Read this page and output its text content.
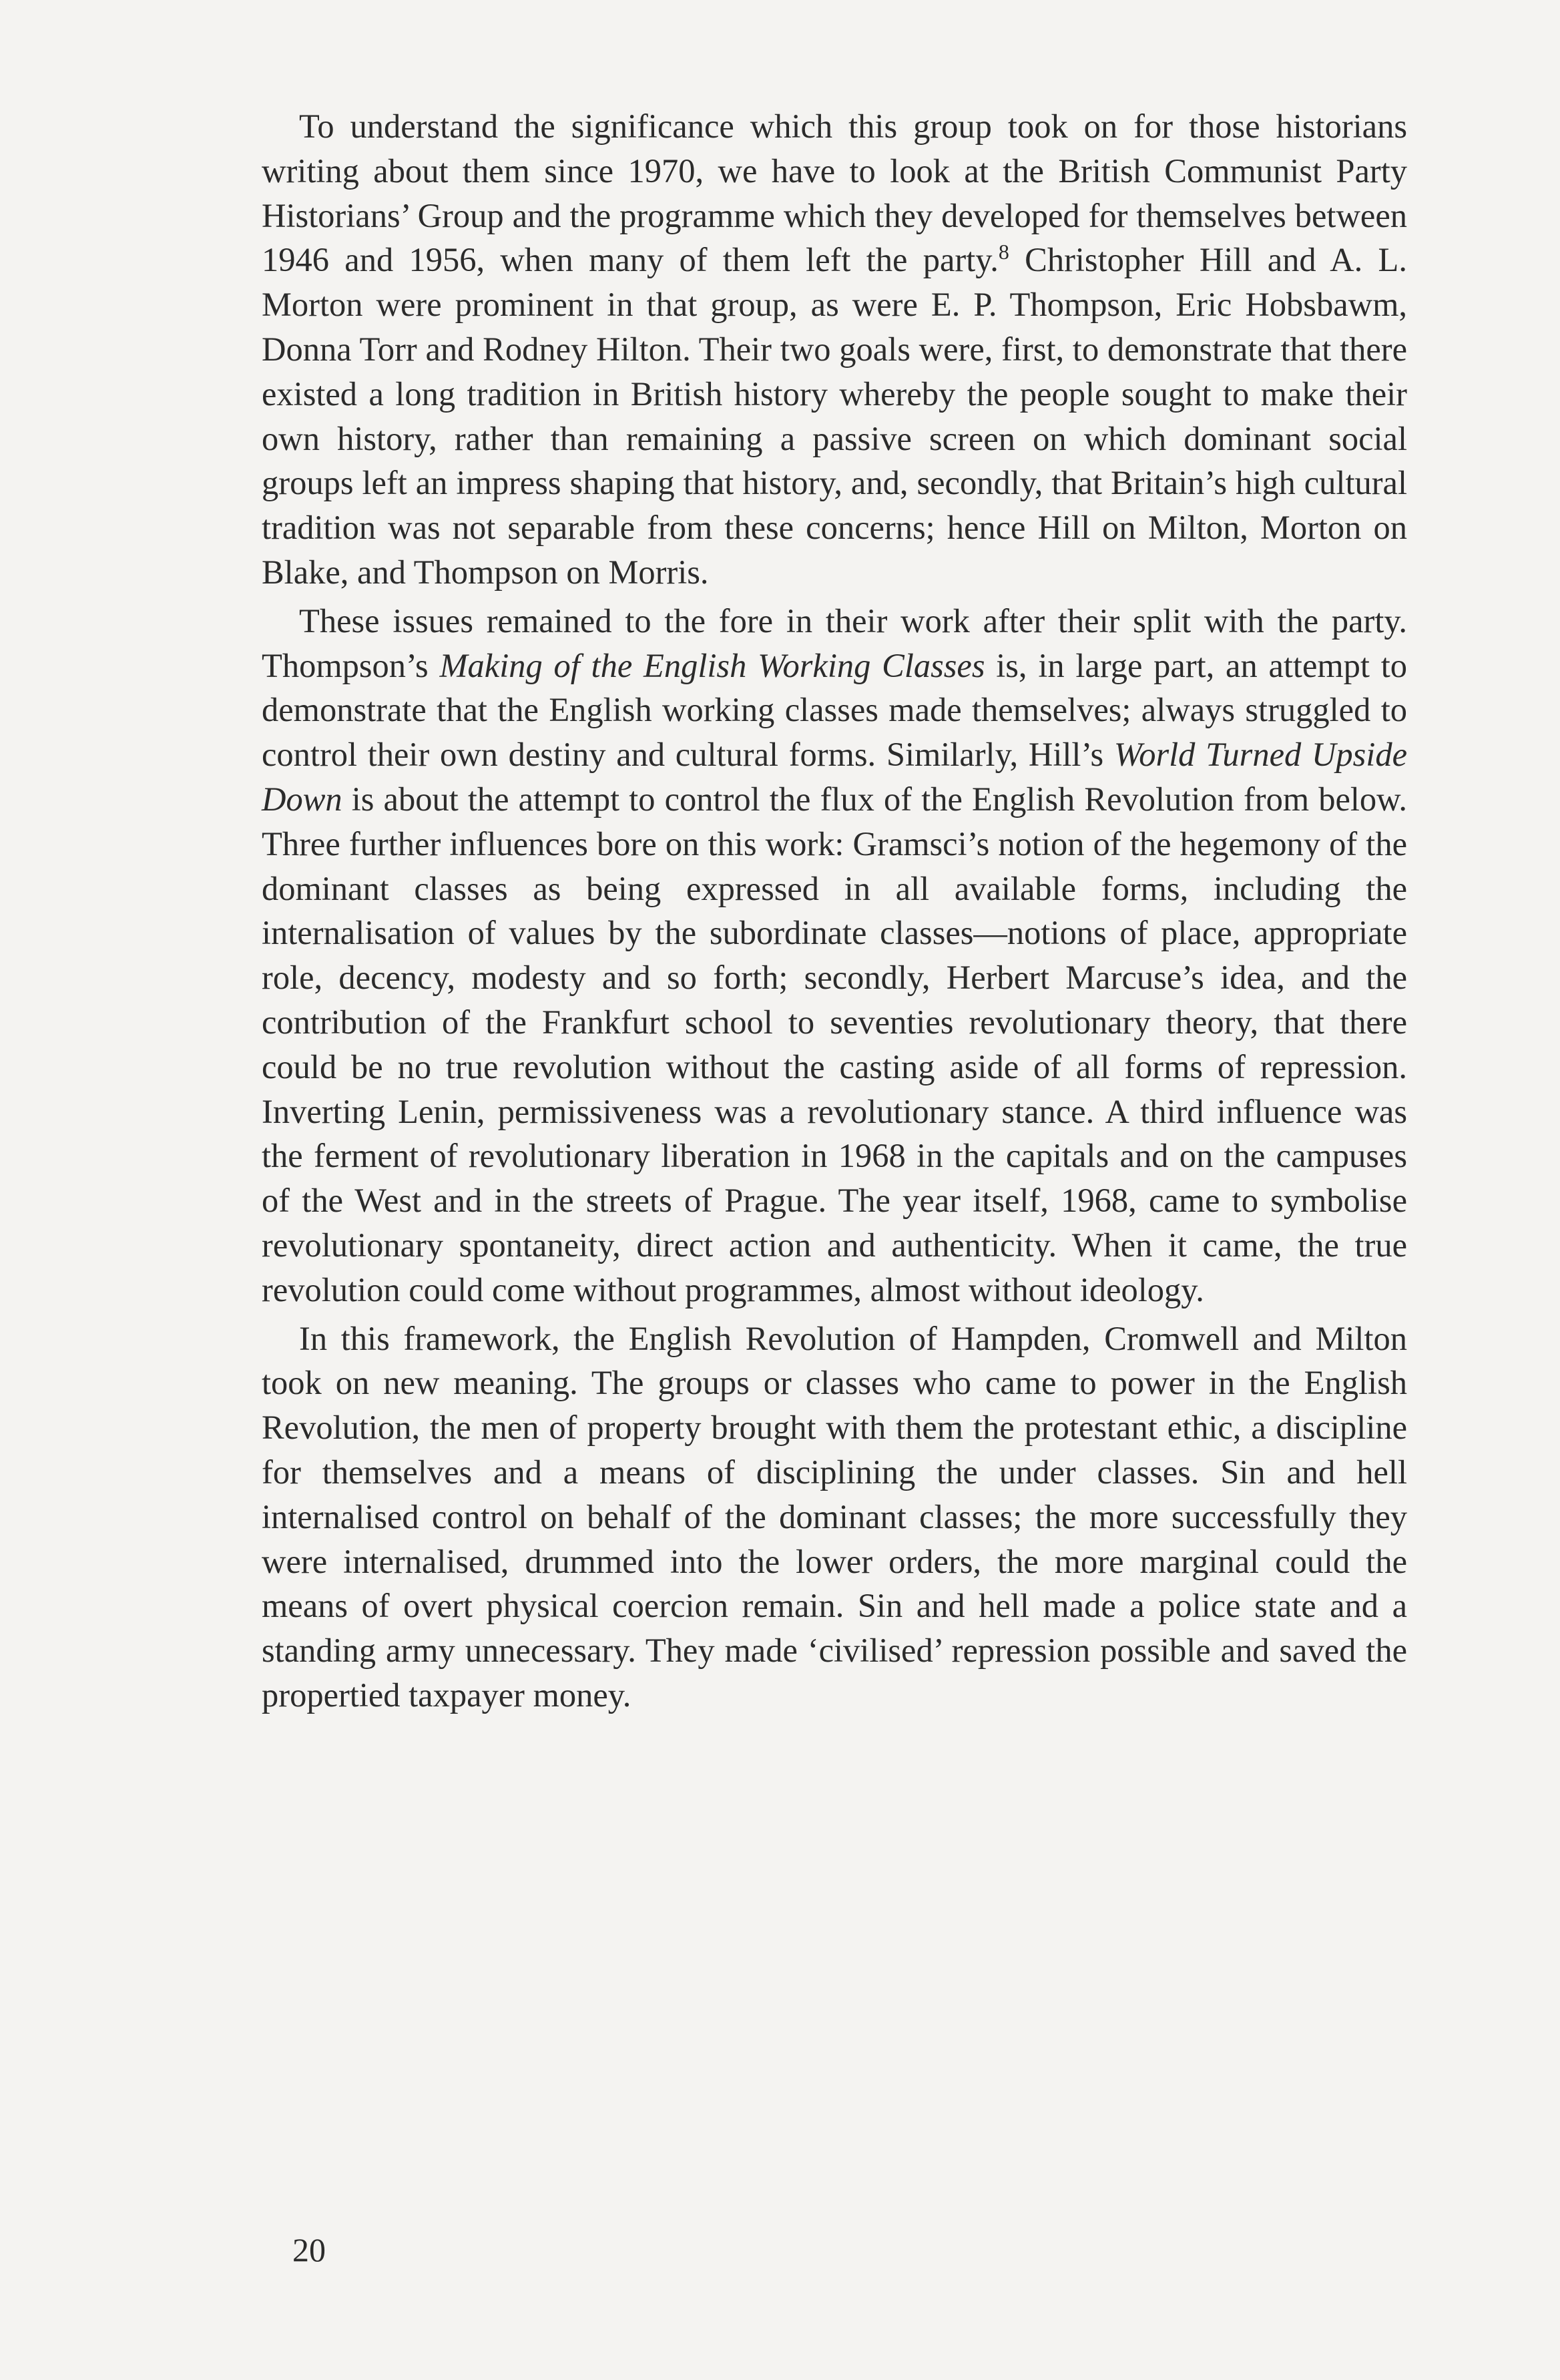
To understand the significance which this group took on for those historians writing about them since 1970, we have to look at the British Communist Party Historians’ Group and the programme which they developed for themselves between 1946 and 1956, when many of them left the party.$^8$ Christopher Hill and A. L. Morton were prominent in that group, as were E. P. Thompson, Eric Hobsbawm, Donna Torr and Rodney Hilton. Their two goals were, first, to demonstrate that there existed a long tradition in British history whereby the people sought to make their own history, rather than remaining a passive screen on which dominant social groups left an impress shaping that history, and, secondly, that Britain’s high cultural tradition was not separable from these concerns; hence Hill on Milton, Morton on Blake, and Thompson on Morris.

These issues remained to the fore in their work after their split with the party. Thompson’s Making of the English Working Classes is, in large part, an attempt to demonstrate that the English working classes made themselves; always struggled to control their own destiny and cultural forms. Similarly, Hill’s World Turned Upside Down is about the attempt to control the flux of the English Revolution from below. Three further influences bore on this work: Gramsci’s notion of the hegemony of the dominant classes as being expressed in all available forms, including the internalisation of values by the subordinate classes—notions of place, appropriate role, decency, modesty and so forth; secondly, Herbert Marcuse’s idea, and the contribution of the Frankfurt school to seventies revolutionary theory, that there could be no true revolution without the casting aside of all forms of repression. Inverting Lenin, permissiveness was a revolutionary stance. A third influence was the ferment of revolutionary liberation in 1968 in the capitals and on the campuses of the West and in the streets of Prague. The year itself, 1968, came to symbolise revolutionary spontaneity, direct action and authenticity. When it came, the true revolution could come without programmes, almost without ideology.

In this framework, the English Revolution of Hampden, Cromwell and Milton took on new meaning. The groups or classes who came to power in the English Revolution, the men of property brought with them the protestant ethic, a discipline for themselves and a means of disciplining the under classes. Sin and hell internalised control on behalf of the dominant classes; the more successfully they were internalised, drummed into the lower orders, the more marginal could the means of overt physical coercion remain. Sin and hell made a police state and a standing army unnecessary. They made ‘civilised’ repression possible and saved the propertied taxpayer money.

20
